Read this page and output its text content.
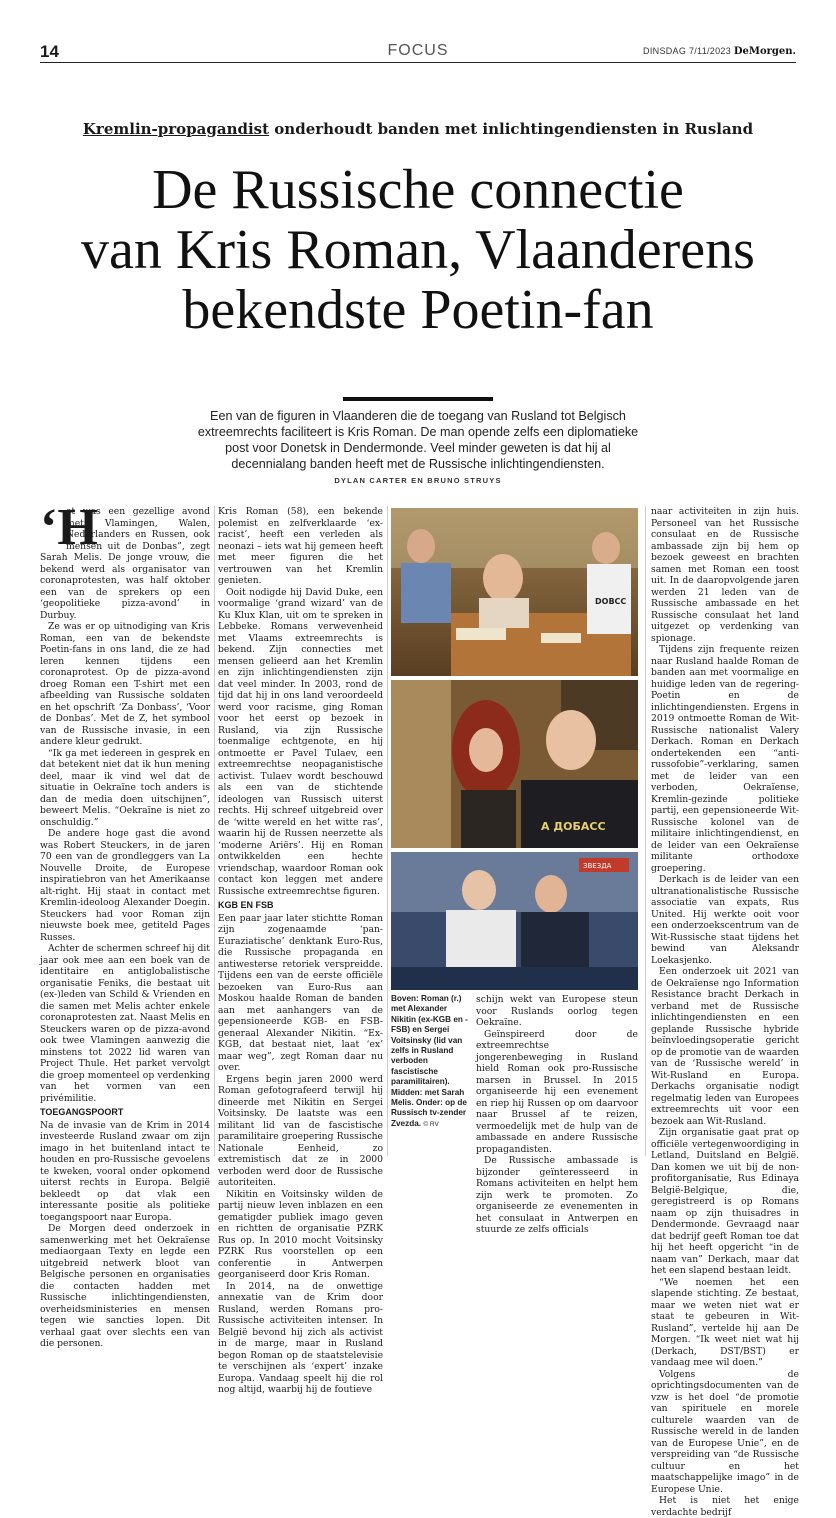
14	FOCUS	DINSDAG 7/11/2023 DeMorgen.
Kremlin-propagandist onderhoudt banden met inlichtingendiensten in Rusland
De Russische connectie
van Kris Roman, Vlaanderens
bekendste Poetin-fan
Een van de figuren in Vlaanderen die de toegang van Rusland tot Belgisch extreemrechts faciliteert is Kris Roman. De man opende zelfs een diplomatieke post voor Donetsk in Dendermonde. Veel minder geweten is dat hij al decennialang banden heeft met de Russische inlichtingendiensten.
DYLAN CARTER EN BRUNO STRUYS
‘H

et was een gezellige avond met Vlamingen, Walen, Nederlanders en Russen, ook mensen uit de Donbas”, zegt Sarah Melis. De jonge vrouw, die bekend werd als organisator van coronaprotesten, was half oktober een van de sprekers op een ‘geopolitieke pizza-avond’ in Durbuy.

Ze was er op uitnodiging van Kris Roman, een van de bekendste Poetin-fans in ons land, die ze had leren kennen tijdens een coronaprotest. Op de pizza-avond droeg Roman een T-shirt met een afbeelding van Russische soldaten en het opschrift ‘Za Donbass’, ‘Voor de Donbas’. Met de Z, het symbool van de Russische invasie, in een andere kleur gedrukt.

“Ik ga met iedereen in gesprek en dat betekent niet dat ik hun mening deel, maar ik vind wel dat de situatie in Oekraïne toch anders is dan de media doen uitschijnen”, beweert Melis. “Oekraïne is niet zo onschuldig.”

De andere hoge gast die avond was Robert Steuckers, in de jaren 70 een van de grondleggers van La Nouvelle Droite, de Europese inspiratiebron van het Amerikaanse alt-right. Hij staat in contact met Kremlin-ideoloog Alexander Doegin. Steuckers had voor Roman zijn nieuwste boek mee, getiteld Pages Russes.

Achter de schermen schreef hij dit jaar ook mee aan een boek van de identitaire en antiglobalistische organisatie Feniks, die bestaat uit (ex-)leden van Schild & Vrienden en die samen met Melis achter enkele coronaprotesten zat. Naast Melis en Steuckers waren op de pizza-avond ook twee Vlamingen aanwezig die minstens tot 2022 lid waren van Project Thule. Het parket vervolgt die groep momenteel op verdenking van het vormen van een privémilitie.

TOEGANGSPOORT

Na de invasie van de Krim in 2014 investeerde Rusland zwaar om zijn imago in het buitenland intact te houden en pro-Russische gevoelens te kweken, vooral onder opkomend uiterst rechts in Europa. België bekleedt op dat vlak een interessante positie als politieke toegangspoort naar Europa.

De Morgen deed onderzoek in samenwerking met het Oekraïense mediaorgaan Texty en legde een uitgebreid netwerk bloot van Belgische personen en organisaties die contacten hadden met Russische inlichtingendiensten, overheidsministeries en mensen tegen wie sancties lopen. Dit verhaal gaat over slechts een van die personen.

Kris Roman (58), een bekende polemist en zelfverklaarde ‘ex-racist’, heeft een verleden als neonazi – iets wat hij gemeen heeft met meer figuren die het vertrouwen van het Kremlin genieten.

Ooit nodigde hij David Duke, een voormalige ‘grand wizard’ van de Ku Klux Klan, uit om te spreken in Lebbeke. Romans verwevenheid met Vlaams extreemrechts is bekend. Zijn connecties met mensen gelieerd aan het Kremlin en zijn inlichtingendiensten zijn dat veel minder. In 2003, rond de tijd dat hij in ons land veroordeeld werd voor racisme, ging Roman voor het eerst op bezoek in Rusland, via zijn Russische toenmalige echtgenote, en hij ontmoette er Pavel Tulaev, een extreemrechtse neopaganistische activist. Tulaev wordt beschouwd als een van de stichtende ideologen van Russisch uiterst rechts. Hij schreef uitgebreid over de ‘witte wereld en het witte ras’, waarin hij de Russen neerzette als ‘moderne Ariërs’. Hij en Roman ontwikkelden een hechte vriendschap, waardoor Roman ook contact kon leggen met andere Russische extreemrechtse figuren.

KGB EN FSB

Een paar jaar later stichtte Roman zijn zogenaamde ‘pan-Euraziatische’ denktank Euro-Rus, die Russische propaganda en antiwesterse retoriek verspreidde. Tijdens een van de eerste officiële bezoeken van Euro-Rus aan Moskou haalde Roman de banden aan met aanhangers van de gepensioneerde KGB- en FSB-generaal Alexander Nikitin. “Ex-KGB, dat bestaat niet, laat ‘ex’ maar weg”, zegt Roman daar nu over.

Ergens begin jaren 2000 werd Roman gefotografeerd terwijl hij dineerde met Nikitin en Sergei Voitsinsky. De laatste was een militant lid van de fascistische paramilitaire groepering Russische Nationale Eenheid, zo extremistisch dat ze in 2000 verboden werd door de Russische autoriteiten.

Nikitin en Voitsinsky wilden de partij nieuw leven inblazen en een gematigder publiek imago geven en richtten de organisatie PZRK Rus op. In 2010 mocht Voitsinsky PZRK Rus voorstellen op een conferentie in Antwerpen georganiseerd door Kris Roman.

In 2014, na de onwettige annexatie van de Krim door Rusland, werden Romans pro-Russische activiteiten intenser. In België bevond hij zich als activist in de marge, maar in Rusland begon Roman op de staatstelevisie te verschijnen als ‘expert’ inzake Europa. Vandaag speelt hij die rol nog altijd, waarbij hij de foutieve

DOBCC
А ДОБАСС
ЗВЕЗДА
Boven: Roman (r.) met Alexander Nikitin (ex-KGB en -FSB) en Sergei Voitsinsky (lid van zelfs in Rusland verboden fascistische paramilitairen). Midden: met Sarah Melis. Onder: op de Russisch tv-zender Zvezda. © RV

schijn wekt van Europese steun voor Ruslands oorlog tegen Oekraïne.

Geïnspireerd door de extreemrechtse jongerenbeweging in Rusland hield Roman ook pro-Russische marsen in Brussel. In 2015 organiseerde hij een evenement en riep hij Russen op om daarvoor naar Brussel af te reizen, vermoedelijk met de hulp van de ambassade en andere Russische propagandisten.

De Russische ambassade is bijzonder geïnteresseerd in Romans activiteiten en helpt hem zijn werk te promoten. Zo organiseerde ze evenementen in het consulaat in Antwerpen en stuurde ze zelfs officials

naar activiteiten in zijn huis. Personeel van het Russische consulaat en de Russische ambassade zijn bij hem op bezoek geweest en brachten samen met Roman een toost uit. In de daaropvolgende jaren werden 21 leden van de Russische ambassade en het Russische consulaat het land uitgezet op verdenking van spionage.

Tijdens zijn frequente reizen naar Rusland haalde Roman de banden aan met voormalige en huidige leden van de regering-Poetin en de inlichtingendiensten. Ergens in 2019 ontmoette Roman de Wit-Russische nationalist Valery Derkach. Roman en Derkach ondertekenden een “anti-russofobie”-verklaring, samen met de leider van een verboden, Oekraïense, Kremlin-gezinde politieke partij, een gepensioneerde Wit-Russische kolonel van de militaire inlichtingendienst, en de leider van een Oekraïense militante orthodoxe groepering.

Derkach is de leider van een ultranationalistische Russische associatie van expats, Rus United. Hij werkte ooit voor een onderzoekscentrum van de Wit-Russische staat tijdens het bewind van Aleksandr Loekasjenko.

Een onderzoek uit 2021 van de Oekraïense ngo Information Resistance bracht Derkach in verband met de Russische inlichtingendiensten en een geplande Russische hybride beïnvloedingsoperatie gericht op de promotie van de waarden van de ‘Russische wereld’ in Wit-Rusland en Europa. Derkachs organisatie nodigt regelmatig leden van Europees extreemrechts uit voor een bezoek aan Wit-Rusland.

Zijn organisatie gaat prat op officiële vertegenwoordiging in Letland, Duitsland en België. Dan komen we uit bij de non-profitorganisatie, Rus Edinaya België-Belgique, die, geregistreerd is op Romans naam op zijn thuisadres in Dendermonde. Gevraagd naar dat bedrijf geeft Roman toe dat hij het heeft opgericht “in de naam van” Derkach, maar dat het een slapend bestaan leidt.

“We noemen het een slapende stichting. Ze bestaat, maar we weten niet wat er staat te gebeuren in Wit-Rusland”, vertelde hij aan De Morgen. “Ik weet niet wat hij (Derkach, DST/BST) er vandaag mee wil doen.”

Volgens de oprichtingsdocumenten van de vzw is het doel “de promotie van spirituele en morele culturele waarden van de Russische wereld in de landen van de Europese Unie”, en de verspreiding van “de Russische cultuur en het maatschappelijke imago” in de Europese Unie.

Het is niet het enige verdachte bedrijf
